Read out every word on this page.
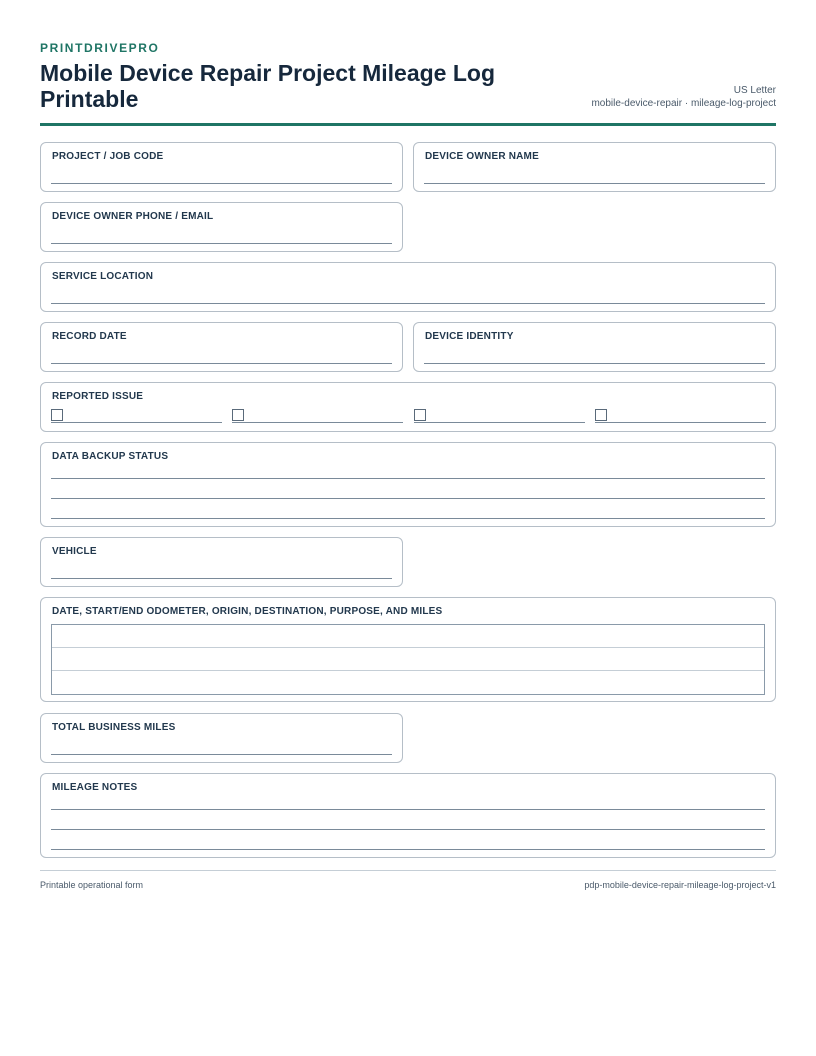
PRINTDRIVEPRO
Mobile Device Repair Project Mileage Log Printable	US Letter
mobile-device-repair · mileage-log-project
PROJECT / JOB CODE	DEVICE OWNER NAME
DEVICE OWNER PHONE / EMAIL
SERVICE LOCATION
RECORD DATE	DEVICE IDENTITY
REPORTED ISSUE
DATA BACKUP STATUS
VEHICLE
DATE, START/END ODOMETER, ORIGIN, DESTINATION, PURPOSE, AND MILES
TOTAL BUSINESS MILES
MILEAGE NOTES
Printable operational form	pdp-mobile-device-repair-mileage-log-project-v1
